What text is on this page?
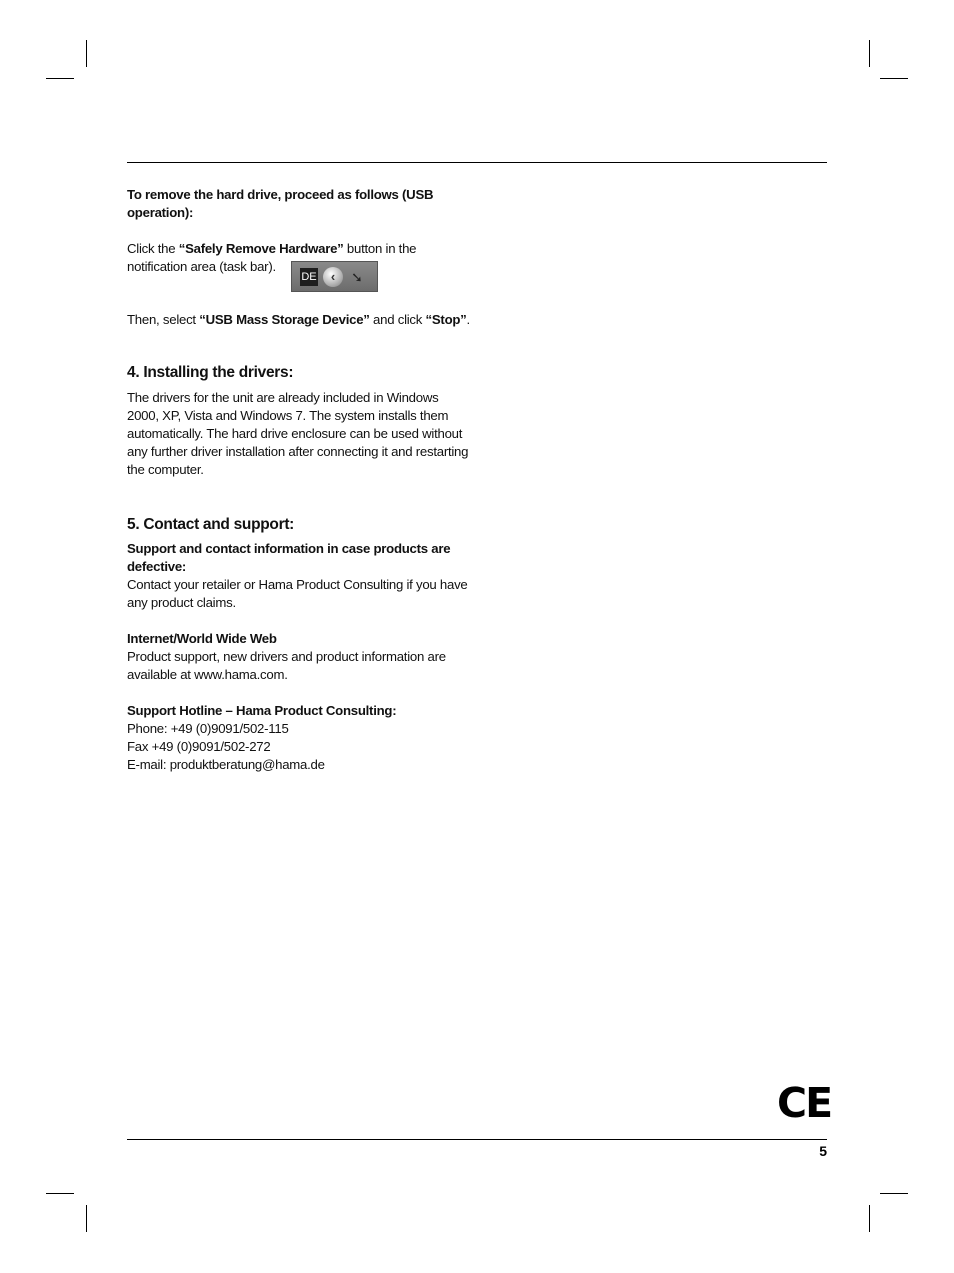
To remove the hard drive, proceed as follows (USB operation):

Click the “Safely Remove Hardware” button in the notification area (task bar).

Then, select “USB Mass Storage Device” and click “Stop”.

4. Installing the drivers:

The drivers for the unit are already included in Windows 2000, XP, Vista and Windows 7. The system installs them automatically. The hard drive enclosure can be used without any further driver installation after connecting it and restarting the computer.

5. Contact and support:

Support and contact information in case products are defective:

Contact your retailer or Hama Product Consulting if you have any product claims.

Internet/World Wide Web

Product support, new drivers and product information are available at www.hama.com.

Support Hotline – Hama Product Consulting:

Phone: +49 (0)9091/502-115

Fax +49 (0)9091/502-272

E-mail: produktberatung@hama.de

DE	‹	➘
CE
5
